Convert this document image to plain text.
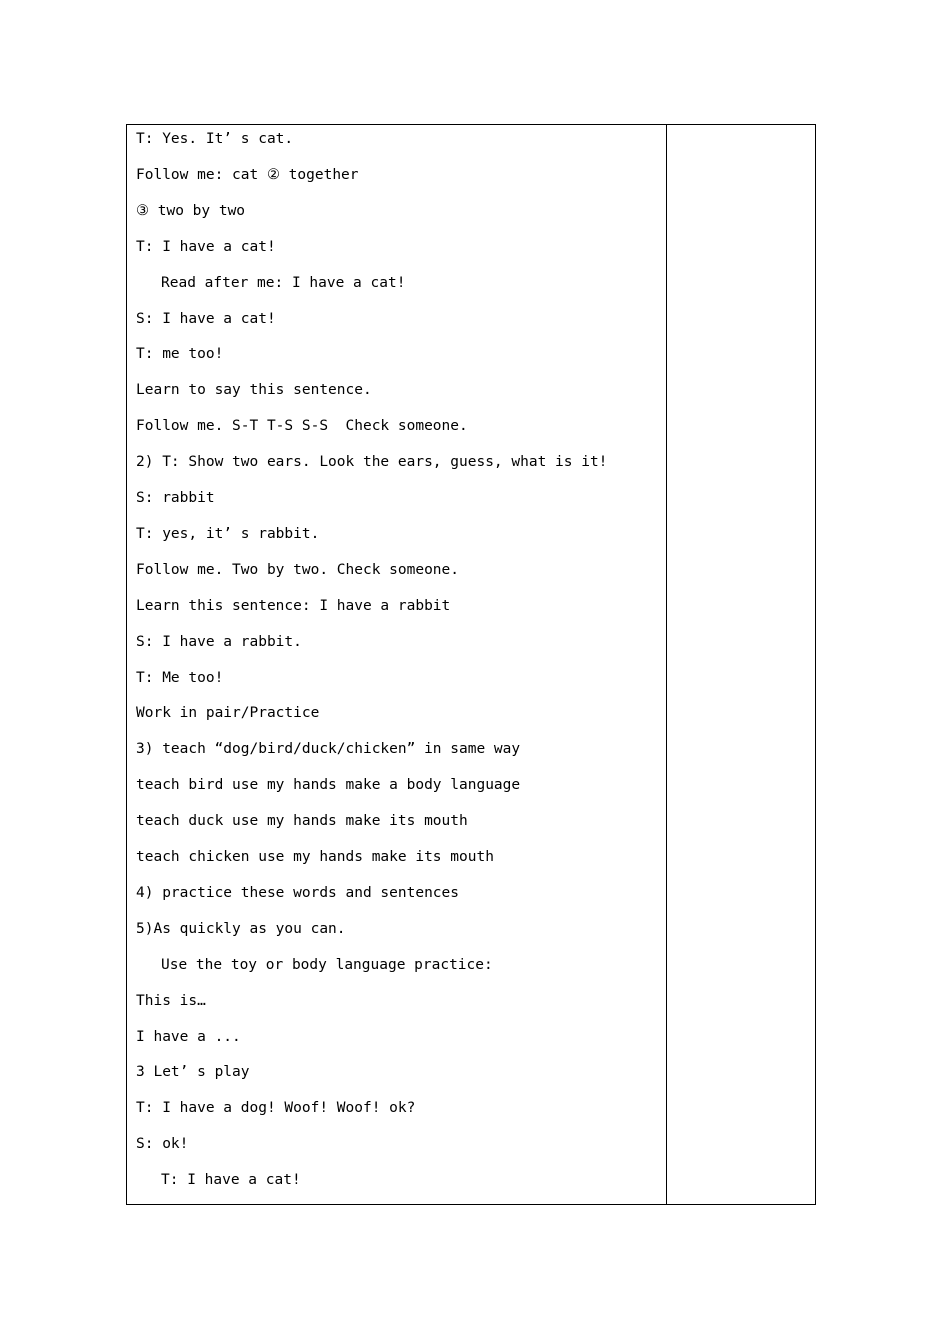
T: Yes. It’ s cat.
Follow me: cat ② together
③ two by two
T: I have a cat!
Read after me: I have a cat!
S: I have a cat!
T: me too!
Learn to say this sentence.
Follow me. S-T T-S S-S  Check someone.
2) T: Show two ears. Look the ears, guess, what is it!
S: rabbit
T: yes, it’ s rabbit.
Follow me. Two by two. Check someone.
Learn this sentence: I have a rabbit
S: I have a rabbit.
T: Me too!
Work in pair/Practice
3) teach “dog/bird/duck/chicken” in same way
teach bird use my hands make a body language
teach duck use my hands make its mouth
teach chicken use my hands make its mouth
4) practice these words and sentences
5)As quickly as you can.
Use the toy or body language practice:
This is…
I have a ...
3 Let’ s play
T: I have a dog! Woof! Woof! ok?
S: ok!
T: I have a cat!
